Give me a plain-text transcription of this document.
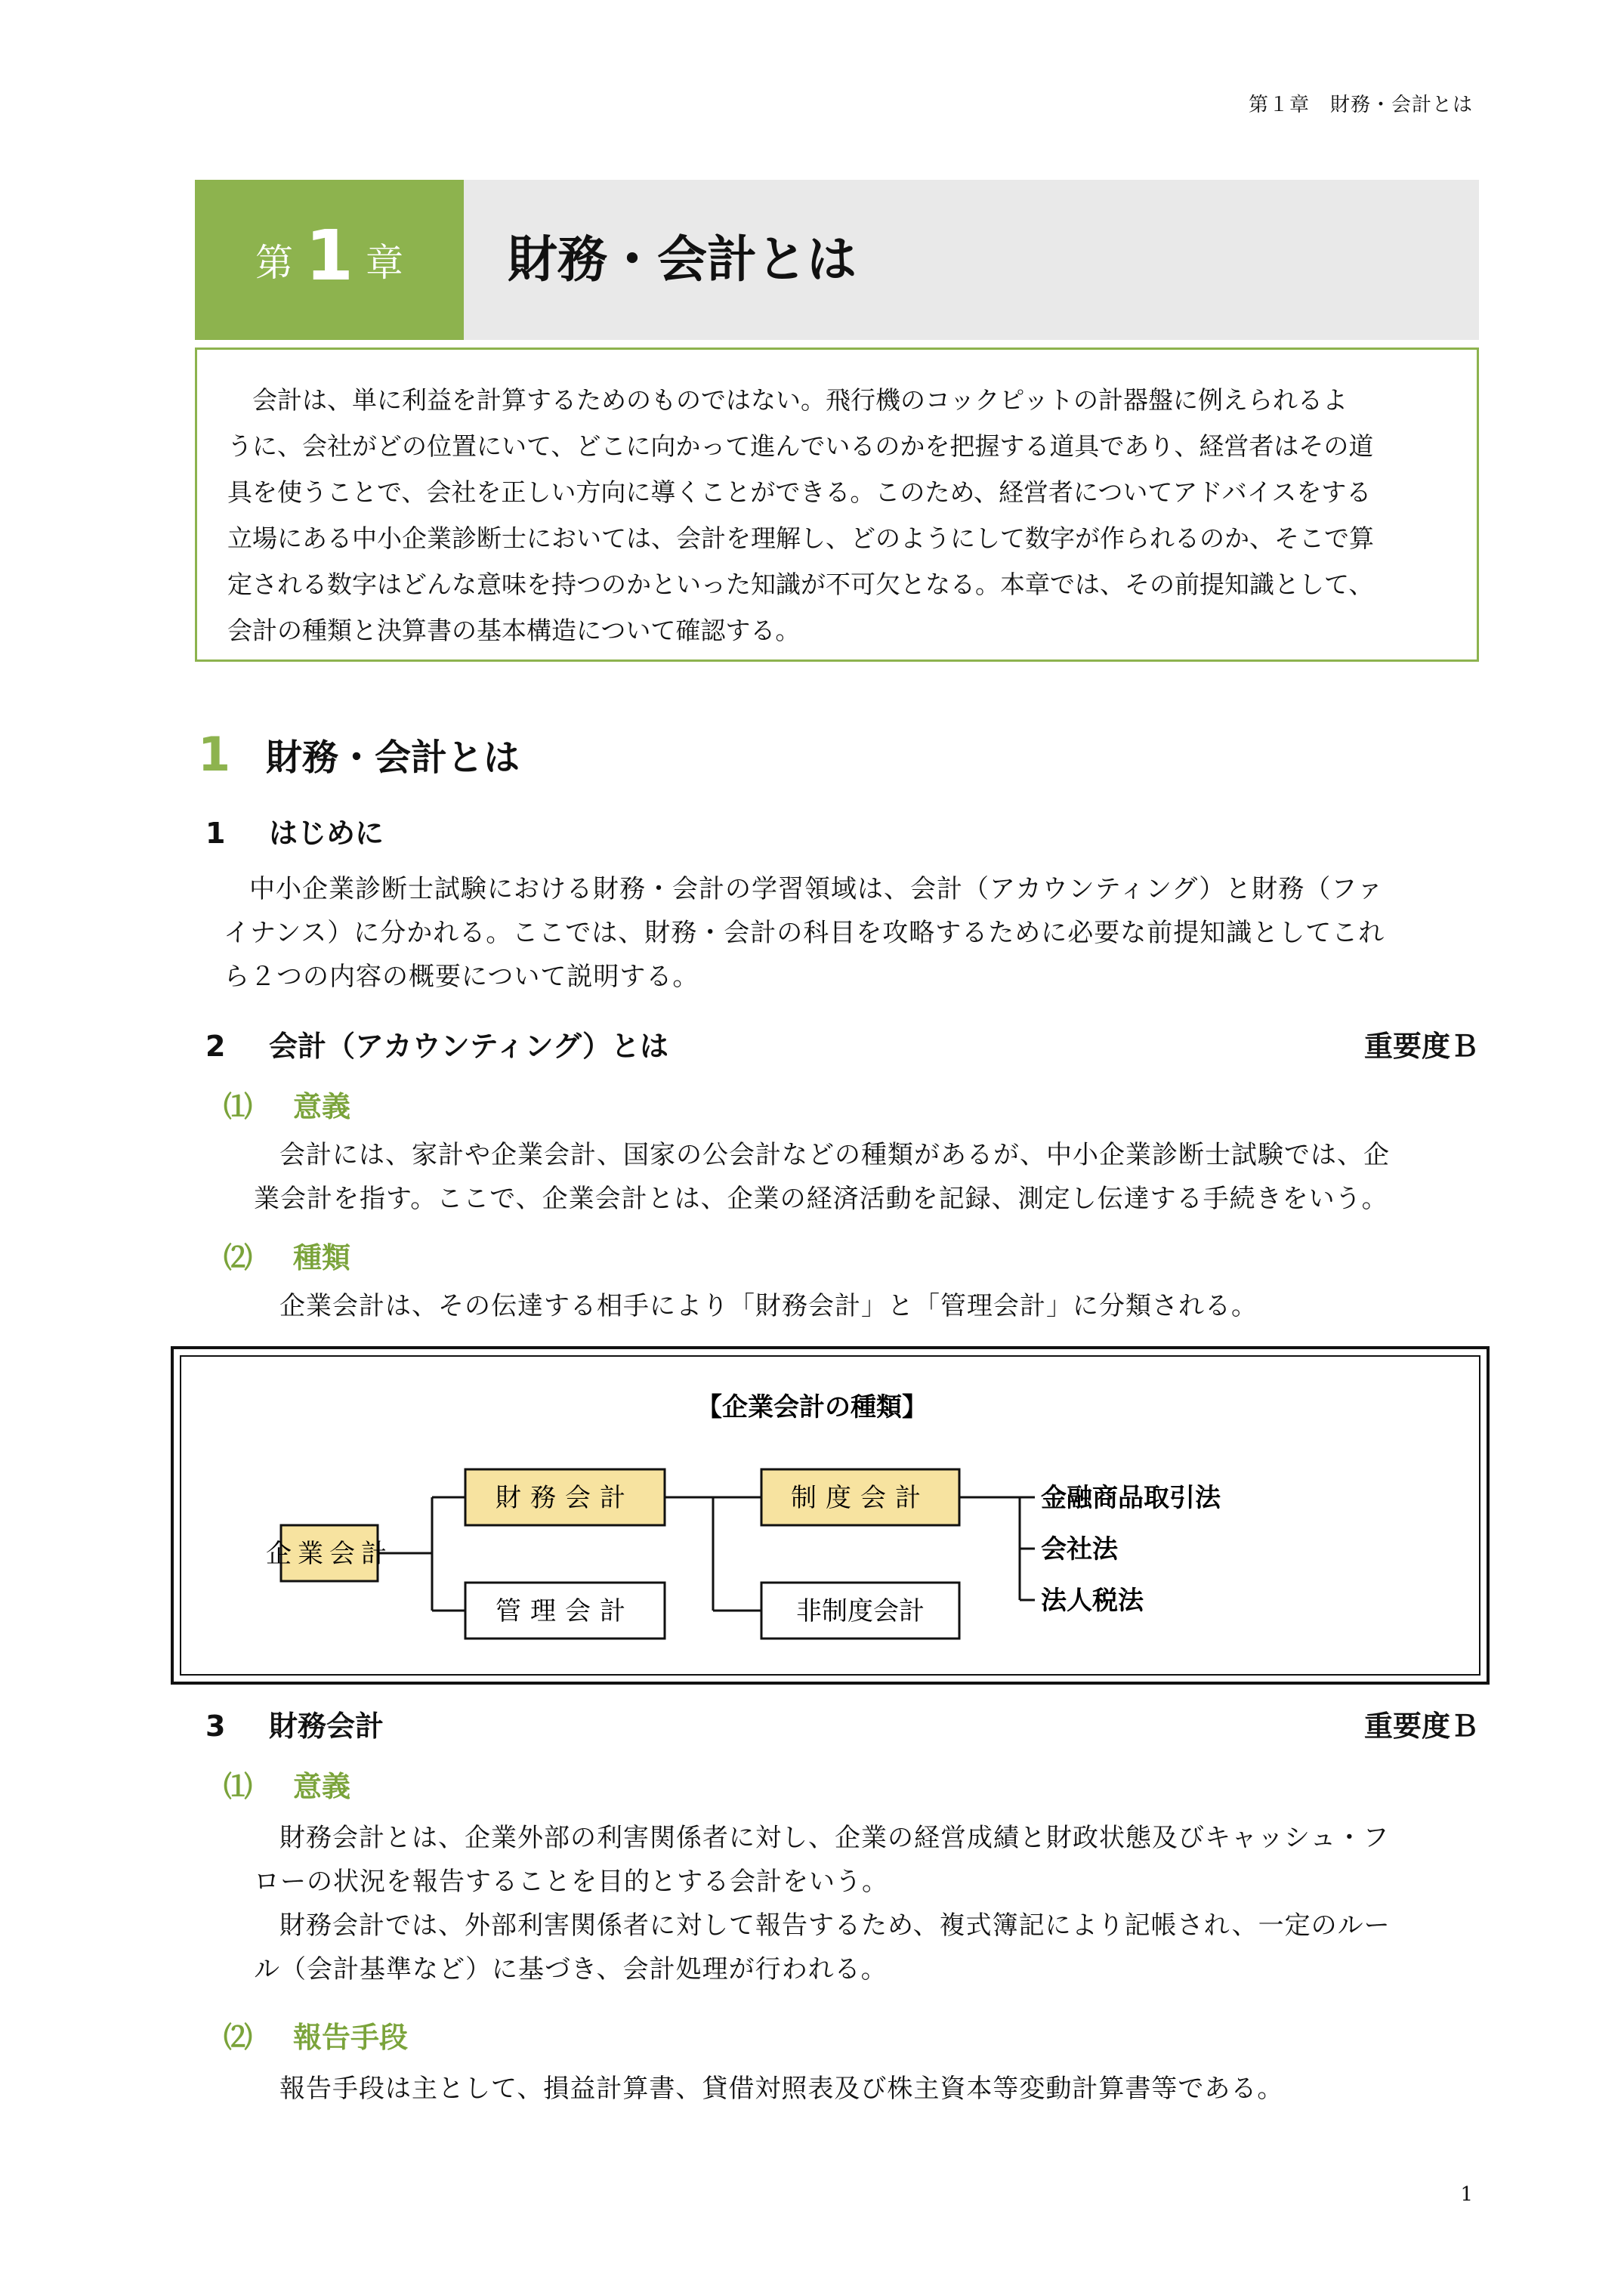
第１章　財務・会計とは
第 1 章 財務・会計とは
会計は、単に利益を計算するためのものではない。飛行機のコックピットの計器盤に例えられるよ
うに、会社がどの位置にいて、どこに向かって進んでいるのかを把握する道具であり、経営者はその道
具を使うことで、会社を正しい方向に導くことができる。このため、経営者についてアドバイスをする
立場にある中小企業診断士においては、会計を理解し、どのようにして数字が作られるのか、そこで算
定される数字はどんな意味を持つのかといった知識が不可欠となる。本章では、その前提知識として、
会計の種類と決算書の基本構造について確認する。
1 財務・会計とは
1 はじめに
中小企業診断士試験における財務・会計の学習領域は、会計（アカウンティング）と財務（ファ
イナンス）に分かれる。ここでは、財務・会計の科目を攻略するために必要な前提知識としてこれ
ら２つの内容の概要について説明する。
2 会計（アカウンティング）とは	重要度Ｂ
⑴ 意義
会計には、家計や企業会計、国家の公会計などの種類があるが、中小企業診断士試験では、企
業会計を指す。ここで、企業会計とは、企業の経済活動を記録、測定し伝達する手続きをいう。
⑵ 種類
企業会計は、その伝達する相手により「財務会計」と「管理会計」に分類される。
【企業会計の種類】
企業会計
財務会計
管理会計
制度会計
非制度会計
金融商品取引法
会社法
法人税法
3 財務会計	重要度Ｂ
⑴ 意義
財務会計とは、企業外部の利害関係者に対し、企業の経営成績と財政状態及びキャッシュ・フ
ローの状況を報告することを目的とする会計をいう。
財務会計では、外部利害関係者に対して報告するため、複式簿記により記帳され、一定のルー
ル（会計基準など）に基づき、会計処理が行われる。
⑵ 報告手段
報告手段は主として、損益計算書、貸借対照表及び株主資本等変動計算書等である。
1
